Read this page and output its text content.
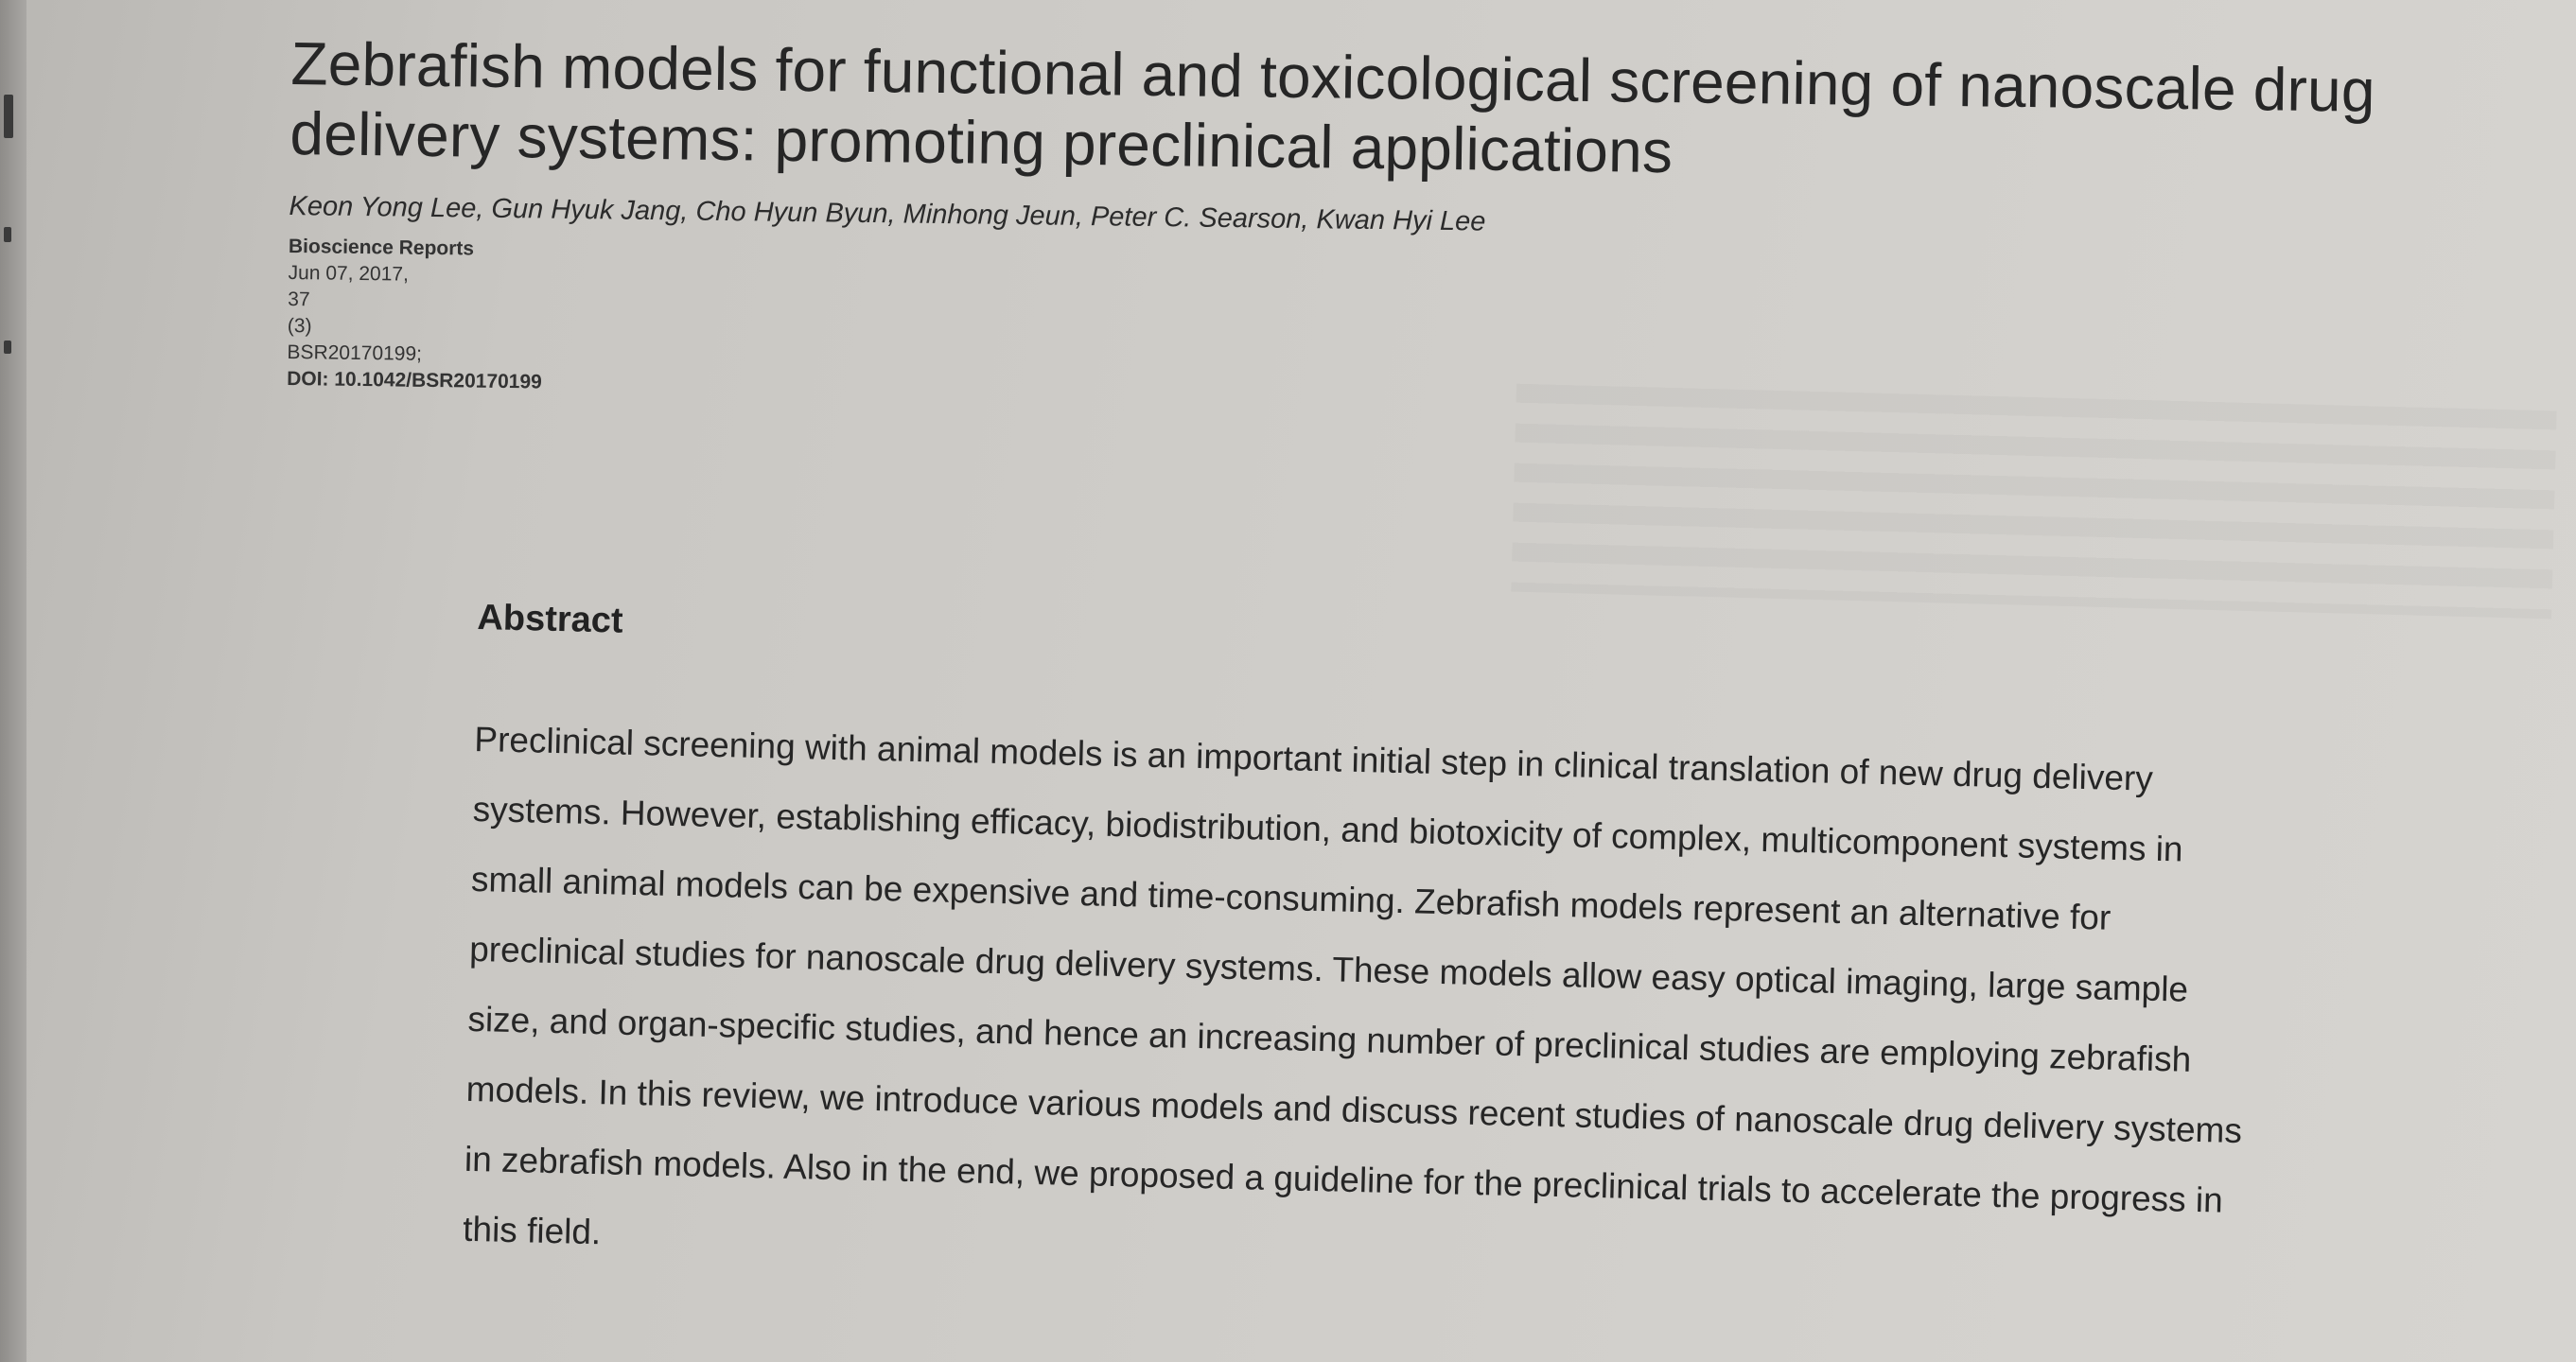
Zebrafish models for functional and toxicological screening of nanoscale drug delivery systems: promoting preclinical applications
Keon Yong Lee, Gun Hyuk Jang, Cho Hyun Byun, Minhong Jeun, Peter C. Searson, Kwan Hyi Lee
Bioscience Reports
Jun 07, 2017,
37
(3)
BSR20170199;
DOI: 10.1042/BSR20170199
Abstract
Preclinical screening with animal models is an important initial step in clinical translation of new drug delivery systems. However, establishing efficacy, biodistribution, and biotoxicity of complex, multicomponent systems in small animal models can be expensive and time-consuming. Zebrafish models represent an alternative for preclinical studies for nanoscale drug delivery systems. These models allow easy optical imaging, large sample size, and organ-specific studies, and hence an increasing number of preclinical studies are employing zebrafish models. In this review, we introduce various models and discuss recent studies of nanoscale drug delivery systems in zebrafish models. Also in the end, we proposed a guideline for the preclinical trials to accelerate the progress in this field.
